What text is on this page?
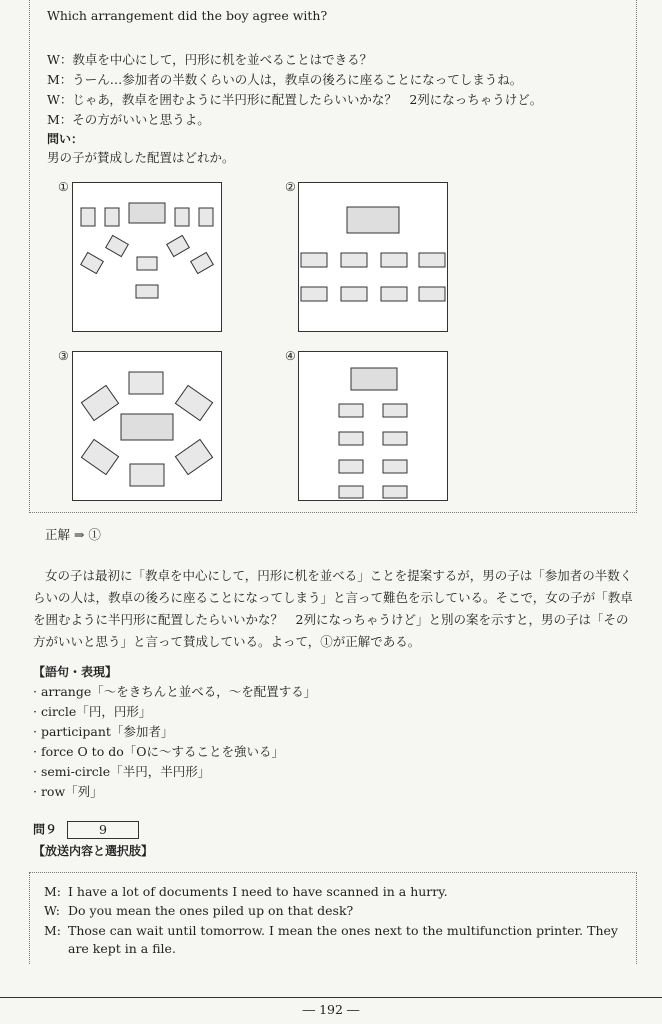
Which arrangement did the boy agree with?
W：教卓を中心にして，円形に机を並べることはできる？
M：うーん…参加者の半数くらいの人は，教卓の後ろに座ることになってしまうね。
W：じゃあ，教卓を囲むように半円形に配置したらいいかな？　2列になっちゃうけど。
M：その方がいいと思うよ。
問い：
男の子が賛成した配置はどれか。
①	②
③	④
正解 ⇒ ①
女の子は最初に「教卓を中心にして，円形に机を並べる」ことを提案するが，男の子は「参加者の半数くらいの人は，教卓の後ろに座ることになってしまう」と言って難色を示している。そこで，女の子が「教卓を囲むように半円形に配置したらいいかな？　2列になっちゃうけど」と別の案を示すと，男の子は「その方がいいと思う」と言って賛成している。よって，①が正解である。
【語句・表現】
· arrange「～をきちんと並べる，～を配置する」
· circle「円，円形」
· participant「参加者」
· force O to do「Oに～することを強いる」
· semi-circle「半円，半円形」
· row「列」
問９	9
【放送内容と選択肢】
M: I have a lot of documents I need to have scanned in a hurry.
W: Do you mean the ones piled up on that desk?
M: Those can wait until tomorrow. I mean the ones next to the multifunction printer. They are kept in a file.
― 192 ―
